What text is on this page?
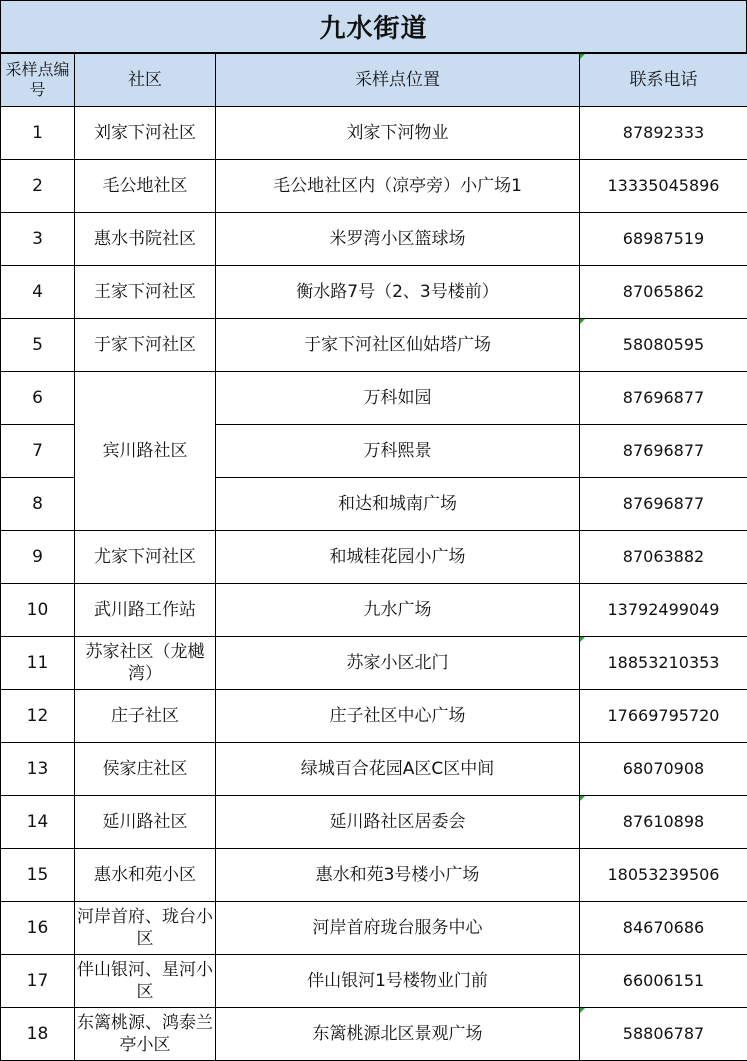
九水街道
采样点编号	社区	采样点位置	联系电话
1	刘家下河社区	刘家下河物业	87892333
2	毛公地社区	毛公地社区内（凉亭旁）小广场1	13335045896
3	惠水书院社区	米罗湾小区篮球场	68987519
4	王家下河社区	衡水路7号（2、3号楼前）	87065862
5	于家下河社区	于家下河社区仙姑塔广场	58080595
6	宾川路社区	万科如园	87696877
7		万科熙景	87696877
8		和达和城南广场	87696877
9	尤家下河社区	和城桂花园小广场	87063882
10	武川路工作站	九水广场	13792499049
11	苏家社区（龙樾湾）	苏家小区北门	18853210353
12	庄子社区	庄子社区中心广场	17669795720
13	侯家庄社区	绿城百合花园A区C区中间	68070908
14	延川路社区	延川路社区居委会	87610898
15	惠水和苑小区	惠水和苑3号楼小广场	18053239506
16	河岸首府、珑台小区	河岸首府珑台服务中心	84670686
17	伴山银河、星河小区	伴山银河1号楼物业门前	66006151
18	东篱桃源、鸿泰兰亭小区	东篱桃源北区景观广场	58806787
